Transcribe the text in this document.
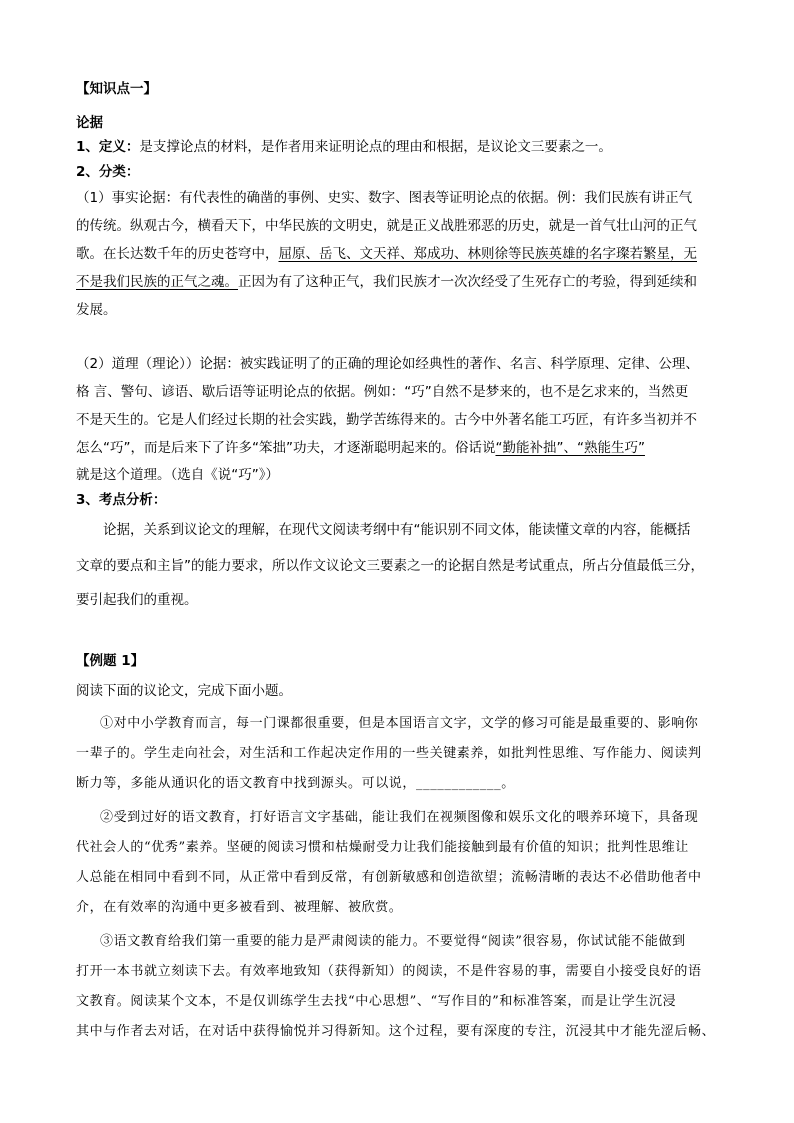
【知识点一】
论据
1、定义：是支撑论点的材料，是作者用来证明论点的理由和根据，是议论文三要素之一。
2、分类：
（1）事实论据：有代表性的确凿的事例、史实、数字、图表等证明论点的依据。例：我们民族有讲正气
的传统。纵观古今，横看天下，中华民族的文明史，就是正义战胜邪恶的历史，就是一首气壮山河的正气
歌。在长达数千年的历史苍穹中，屈原、岳飞、文天祥、郑成功、林则徐等民族英雄的名字璨若繁星，无
不是我们民族的正气之魂。正因为有了这种正气，我们民族才一次次经受了生死存亡的考验，得到延续和
发展。
（2）道理（理论））论据：被实践证明了的正确的理论如经典性的著作、名言、科学原理、定律、公理、
格 言、警句、谚语、歇后语等证明论点的依据。例如：“巧”自然不是梦来的，也不是乞求来的，当然更
不是天生的。它是人们经过长期的社会实践，勤学苦练得来的。古今中外著名能工巧匠，有许多当初并不
怎么“巧”，而是后来下了许多“笨拙”功夫，才逐渐聪明起来的。俗话说“勤能补拙”、“熟能生巧”
就是这个道理。（选自《说“巧”》）
3、考点分析：
论据，关系到议论文的理解，在现代文阅读考纲中有“能识别不同文体，能读懂文章的内容，能概括
文章的要点和主旨”的能力要求，所以作文议论文三要素之一的论据自然是考试重点，所占分值最低三分，
要引起我们的重视。
【例题 1】
阅读下面的议论文，完成下面小题。
①对中小学教育而言，每一门课都很重要，但是本国语言文字，文学的修习可能是最重要的、影响你
一辈子的。学生走向社会，对生活和工作起决定作用的一些关键素养，如批判性思维、写作能力、阅读判
断力等，多能从通识化的语文教育中找到源头。可以说，____________。
②受到过好的语文教育，打好语言文字基础，能让我们在视频图像和娱乐文化的喂养环境下，具备现
代社会人的“优秀”素养。坚硬的阅读习惯和枯燥耐受力让我们能接触到最有价值的知识；批判性思维让
人总能在相同中看到不同，从正常中看到反常，有创新敏感和创造欲望；流畅清晰的表达不必借助他者中
介，在有效率的沟通中更多被看到、被理解、被欣赏。
③语文教育给我们第一重要的能力是严肃阅读的能力。不要觉得“阅读”很容易，你试试能不能做到
打开一本书就立刻读下去。有效率地致知（获得新知）的阅读，不是件容易的事，需要自小接受良好的语
文教育。阅读某个文本，不是仅训练学生去找“中心思想”、“写作目的”和标准答案，而是让学生沉浸
其中与作者去对话，在对话中获得愉悦并习得新知。这个过程，要有深度的专注，沉浸其中才能先涩后畅、
